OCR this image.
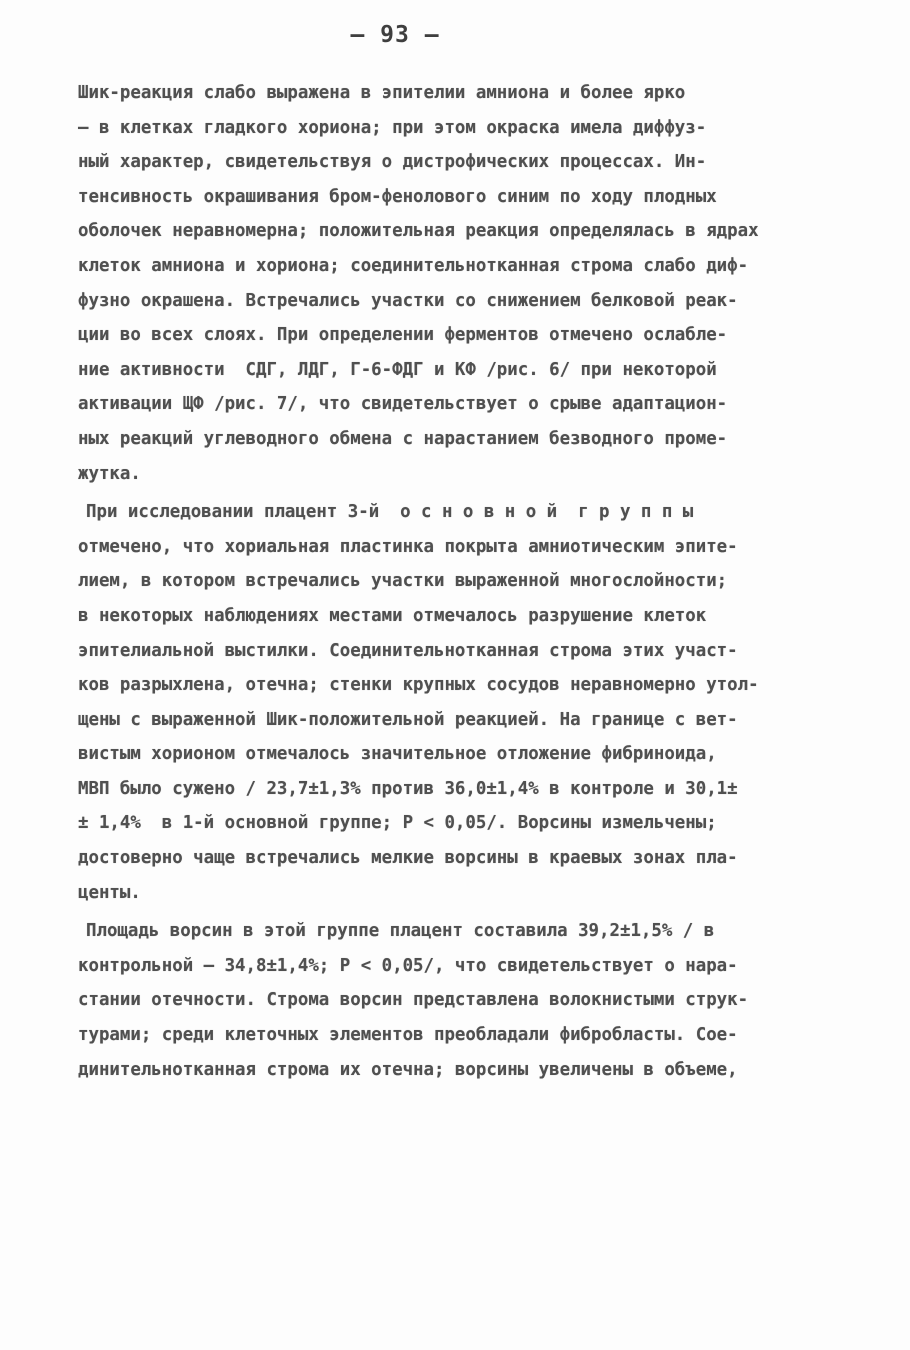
– 93 –
Шик-реакция слабо выражена в эпителии амниона и более ярко
– в клетках гладкого хориона; при этом окраска имела диффуз-
ный характер, свидетельствуя о дистрофических процессах. Ин-
тенсивность окрашивания бром-фенолового синим по ходу плодных
оболочек неравномерна; положительная реакция определялась в ядрах
клеток амниона и хориона; соединительнотканная строма слабо диф-
фузно окрашена. Встречались участки со снижением белковой реак-
ции во всех слоях. При определении ферментов отмечено ослабле-
ние активности  СДГ, ЛДГ, Г-6-ФДГ и КФ /рис. 6/ при некоторой
активации ЩФ /рис. 7/, что свидетельствует о срыве адаптацион-
ных реакций углеводного обмена с нарастанием безводного проме-
жутка.
При исследовании плацент 3-й  о с н о в н о й  г р у п п ы
отмечено, что хориальная пластинка покрыта амниотическим эпите-
лием, в котором встречались участки выраженной многослойности;
в некоторых наблюдениях местами отмечалось разрушение клеток
эпителиальной выстилки. Соединительнотканная строма этих участ-
ков разрыхлена, отечна; стенки крупных сосудов неравномерно утол-
щены с выраженной Шик-положительной реакцией. На границе с вет-
вистым хорионом отмечалось значительное отложение фибриноида,
МВП было сужено / 23,7±1,3% против 36,0±1,4% в контроле и 30,1±
± 1,4%  в 1-й основной группе; Р < 0,05/. Ворсины измельчены;
достоверно чаще встречались мелкие ворсины в краевых зонах пла-
центы.
Площадь ворсин в этой группе плацент составила 39,2±1,5% / в
контрольной – 34,8±1,4%; Р < 0,05/, что свидетельствует о нара-
стании отечности. Строма ворсин представлена волокнистыми струк-
турами; среди клеточных элементов преобладали фибробласты. Сое-
динительнотканная строма их отечна; ворсины увеличены в объеме,
